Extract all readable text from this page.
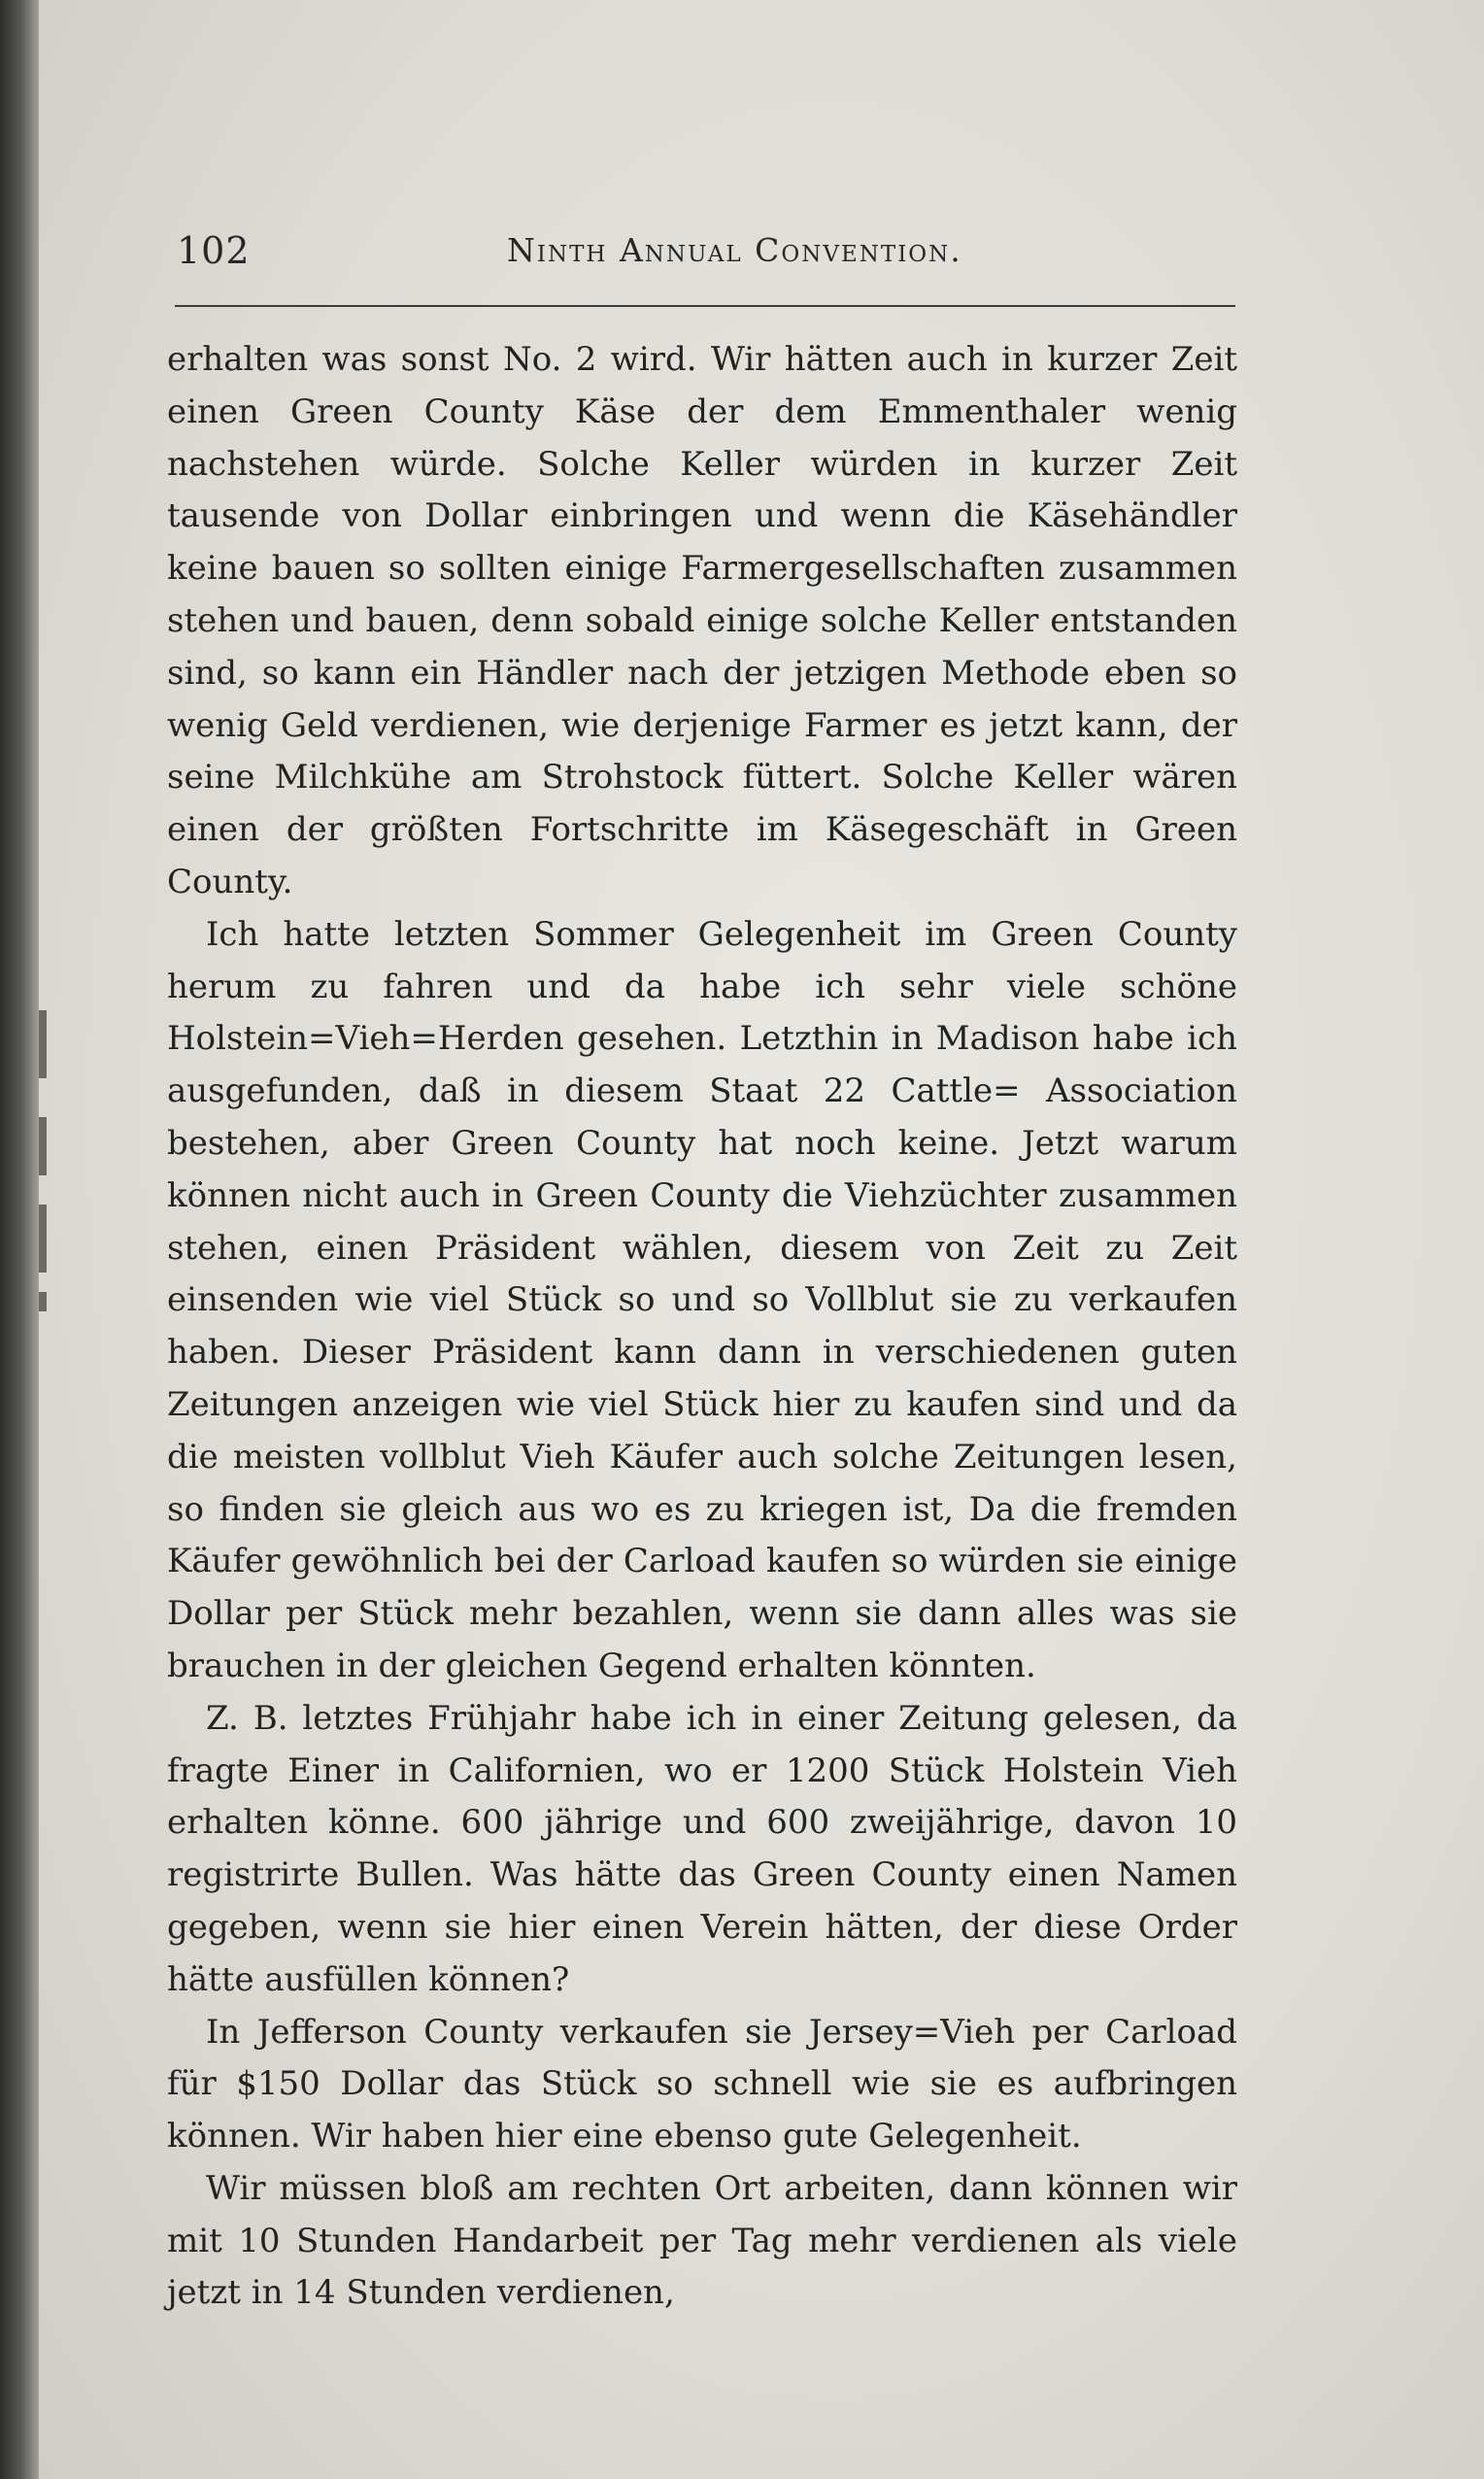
102	Ninth Annual Convention.

erhalten was sonst No. 2 wird. Wir hätten auch in kurzer Zeit einen Green County Käse der dem Emmenthaler wenig nachstehen würde. Solche Keller würden in kurzer Zeit tausende von Dollar einbringen und wenn die Käsehändler keine bauen so sollten einige Farmergesellschaften zusammen stehen und bauen, denn sobald einige solche Keller entstanden sind, so kann ein Händler nach der jetzigen Methode eben so wenig Geld verdienen, wie derjenige Farmer es jetzt kann, der seine Milchkühe am Strohstock füttert. Solche Keller wären einen der größten Fortschritte im Käsegeschäft in Green County.

Ich hatte letzten Sommer Gelegenheit im Green County herum zu fahren und da habe ich sehr viele schöne Holstein=Vieh=Herden gesehen. Letzthin in Madison habe ich ausgefunden, daß in diesem Staat 22 Cattle= Association bestehen, aber Green County hat noch keine. Jetzt warum können nicht auch in Green County die Viehzüchter zusammen stehen, einen Präsident wählen, diesem von Zeit zu Zeit einsenden wie viel Stück so und so Vollblut sie zu verkaufen haben. Dieser Präsident kann dann in verschiedenen guten Zeitungen anzeigen wie viel Stück hier zu kaufen sind und da die meisten vollblut Vieh Käufer auch solche Zeitungen lesen, so finden sie gleich aus wo es zu kriegen ist, Da die fremden Käufer gewöhnlich bei der Carload kaufen so würden sie einige Dollar per Stück mehr bezahlen, wenn sie dann alles was sie brauchen in der gleichen Gegend erhalten könnten.

Z. B. letztes Frühjahr habe ich in einer Zeitung gelesen, da fragte Einer in Californien, wo er 1200 Stück Holstein Vieh erhalten könne. 600 jährige und 600 zweijährige, davon 10 registrirte Bullen. Was hätte das Green County einen Namen gegeben, wenn sie hier einen Verein hätten, der diese Order hätte ausfüllen können?

In Jefferson County verkaufen sie Jersey=Vieh per Carload für $150 Dollar das Stück so schnell wie sie es aufbringen können. Wir haben hier eine ebenso gute Gelegenheit.

Wir müssen bloß am rechten Ort arbeiten, dann können wir mit 10 Stunden Handarbeit per Tag mehr verdienen als viele jetzt in 14 Stunden verdienen,
